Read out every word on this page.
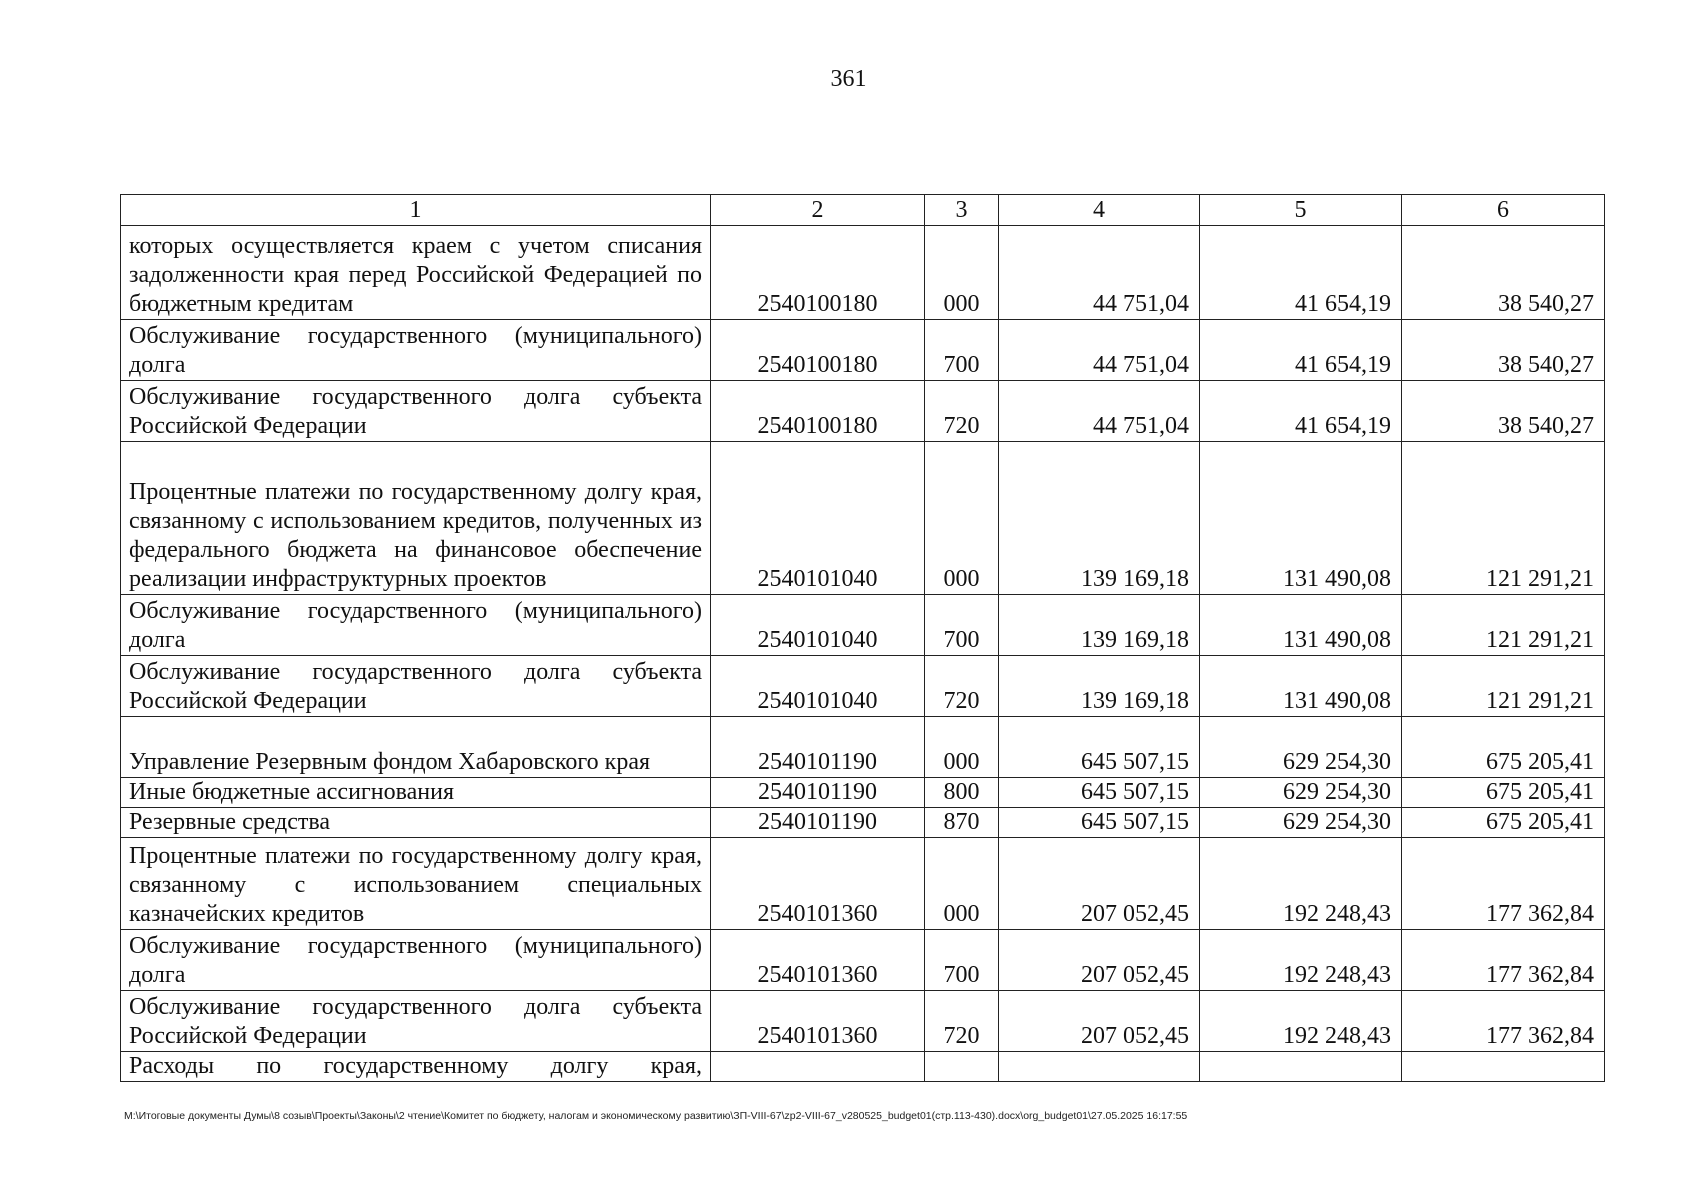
361
1	2	3	4	5	6
которых осуществляется краем с учетом списания задолженности края перед Российской Федерацией по бюджетным кредитам	2540100180	000	44 751,04	41 654,19	38 540,27
Обслуживание государственного (муниципального) долга	2540100180	700	44 751,04	41 654,19	38 540,27
Обслуживание государственного долга субъекта Российской Федерации	2540100180	720	44 751,04	41 654,19	38 540,27
Процентные платежи по государственному долгу края, связанному с использованием кредитов, полученных из федерального бюджета на финансовое обеспечение реализации инфраструктурных проектов	2540101040	000	139 169,18	131 490,08	121 291,21
Обслуживание государственного (муниципального) долга	2540101040	700	139 169,18	131 490,08	121 291,21
Обслуживание государственного долга субъекта Российской Федерации	2540101040	720	139 169,18	131 490,08	121 291,21
Управление Резервным фондом Хабаровского края	2540101190	000	645 507,15	629 254,30	675 205,41
Иные бюджетные ассигнования	2540101190	800	645 507,15	629 254,30	675 205,41
Резервные средства	2540101190	870	645 507,15	629 254,30	675 205,41
Процентные платежи по государственному долгу края, связанному с использованием специальных казначейских кредитов	2540101360	000	207 052,45	192 248,43	177 362,84
Обслуживание государственного (муниципального) долга	2540101360	700	207 052,45	192 248,43	177 362,84
Обслуживание государственного долга субъекта Российской Федерации	2540101360	720	207 052,45	192 248,43	177 362,84
Расходы по государственному долгу края,					
M:\Итоговые документы Думы\8 созыв\Проекты\Законы\2 чтение\Комитет по бюджету, налогам и экономическому развитию\ЗП-VIII-67\zp2-VIII-67_v280525_budget01(стр.113-430).docx\org_budget01\27.05.2025 16:17:55
